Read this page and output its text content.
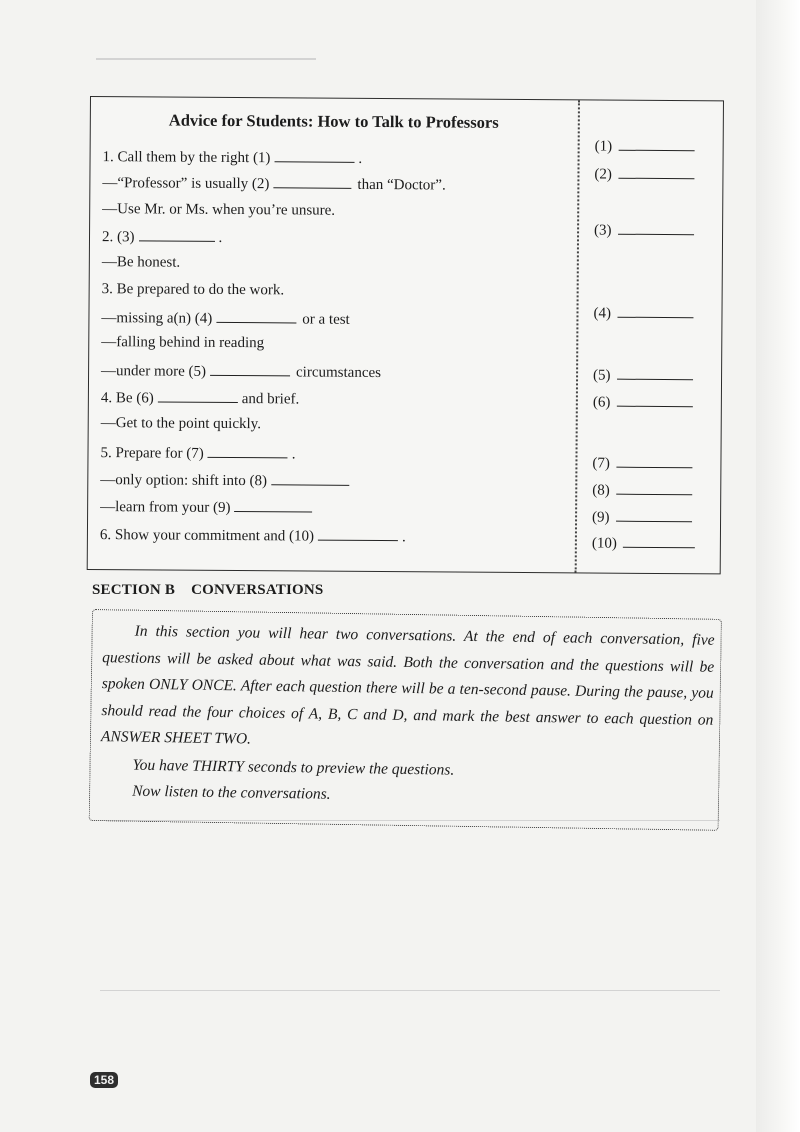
Advice for Students: How to Talk to Professors
1. Call them by the right (1)	.
—“Professor” is usually (2)	than “Doctor”.
—Use Mr. or Ms. when you’re unsure.
2. (3)	.
—Be honest.
3. Be prepared to do the work.
—missing a(n) (4)	or a test
—falling behind in reading
—under more (5)	circumstances
4. Be (6)	and brief.
—Get to the point quickly.
5. Prepare for (7)	.
—only option: shift into (8)
—learn from your (9)
6. Show your commitment and (10)	.
(1)
(2)
(3)
(4)
(5)
(6)
(7)
(8)
(9)
(10)
SECTION B CONVERSATIONS
In this section you will hear two conversations. At the end of each conversation, five questions will be asked about what was said. Both the conversation and the questions will be spoken ONLY ONCE. After each question there will be a ten-second pause. During the pause, you should read the four choices of A, B, C and D, and mark the best answer to each question on ANSWER SHEET TWO.
You have THIRTY seconds to preview the questions.
Now listen to the conversations.
158
